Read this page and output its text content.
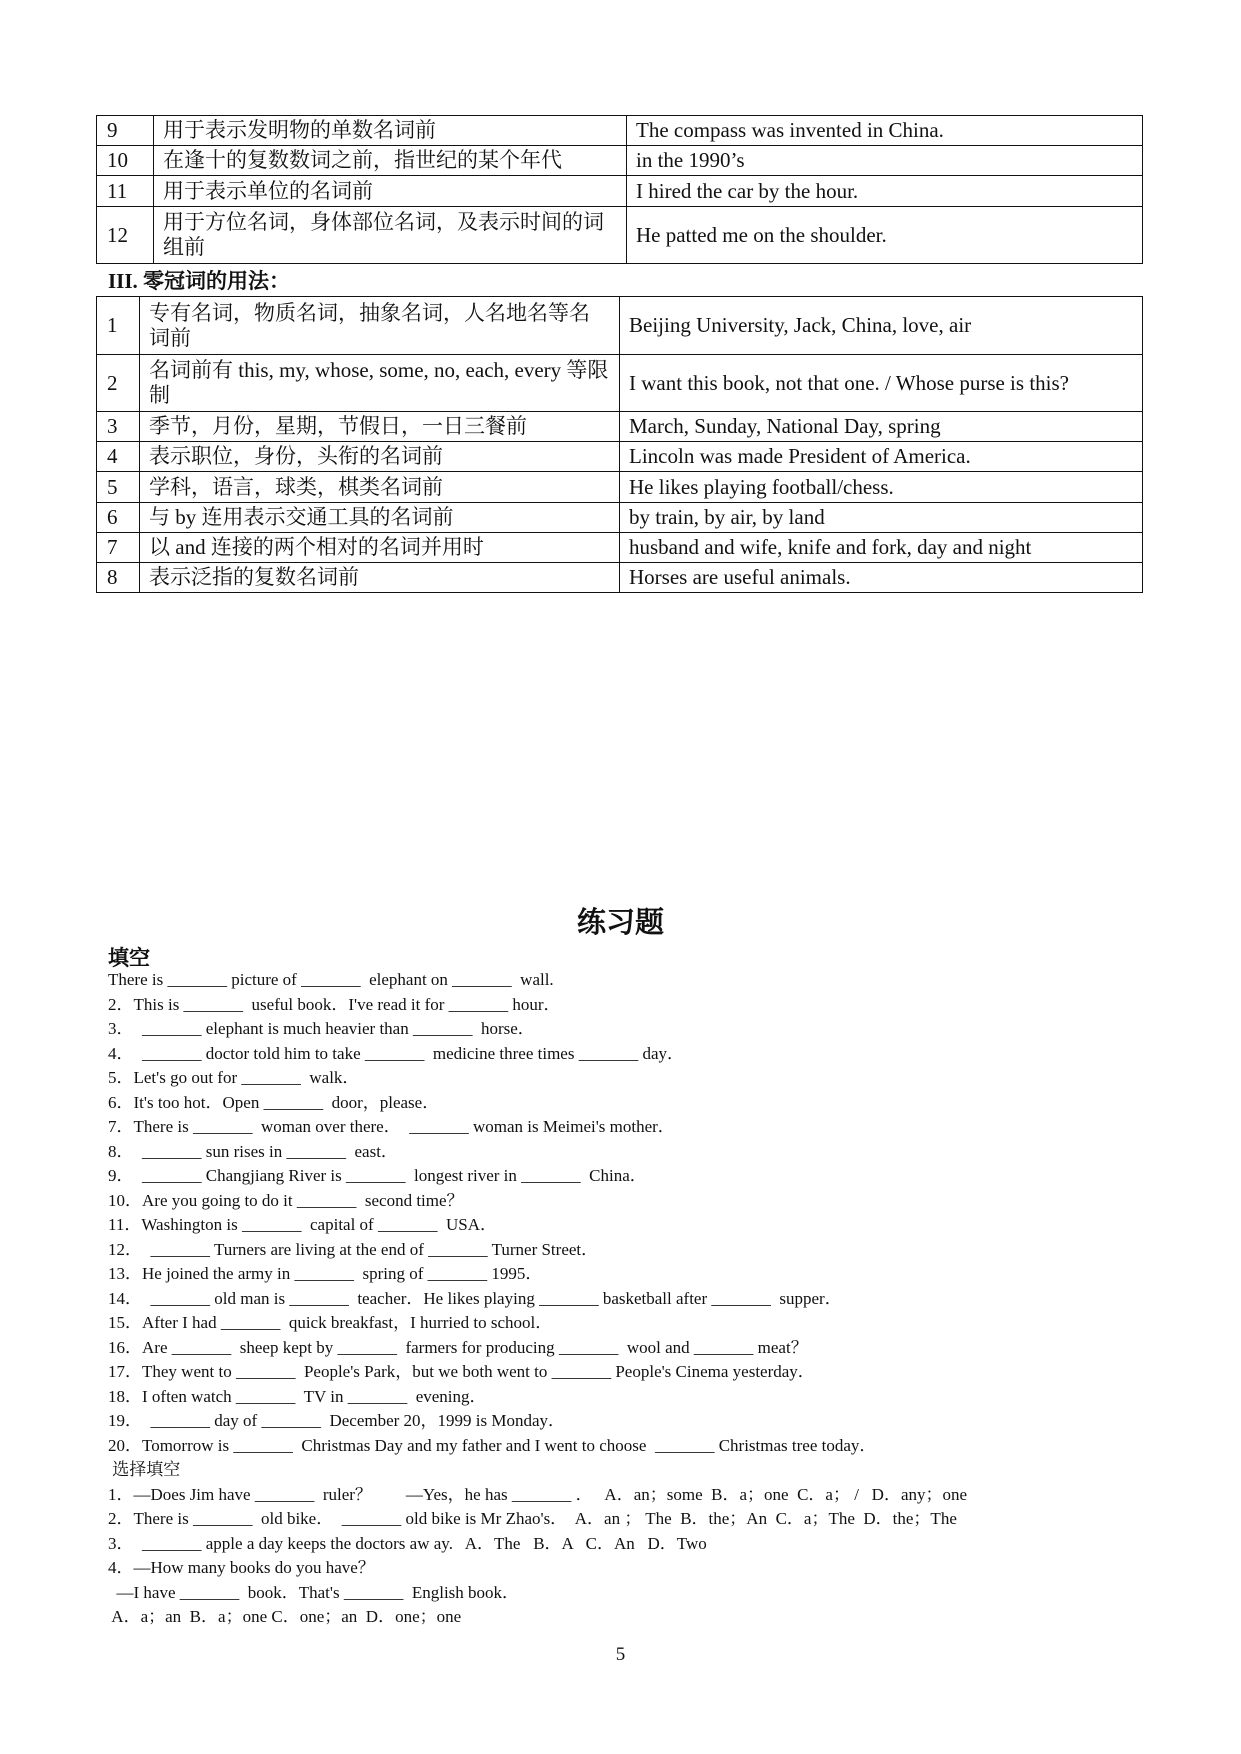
9	用于表示发明物的单数名词前	The compass was invented in China.
10	在逢十的复数数词之前，指世纪的某个年代	in the 1990’s
11	用于表示单位的名词前	I hired the car by the hour.
12	用于方位名词，身体部位名词，及表示时间的词组前	He patted me on the shoulder.
III. 零冠词的用法：
1	专有名词，物质名词，抽象名词，人名地名等名词前	Beijing University, Jack, China, love, air
2	名词前有 this, my, whose, some, no, each, every 等限制	I want this book, not that one. / Whose purse is this?
3	季节，月份，星期，节假日，一日三餐前	March, Sunday, National Day, spring
4	表示职位，身份，头衔的名词前	Lincoln was made President of America.
5	学科，语言，球类，棋类名词前	He likes playing football/chess.
6	与 by 连用表示交通工具的名词前	by train, by air, by land
7	以 and 连接的两个相对的名词并用时	husband and wife, knife and fork, day and night
8	表示泛指的复数名词前	Horses are useful animals.
练习题
填空
There is _______ picture of _______  elephant on _______  wall.
2．This is _______  useful book．I've read it for _______ hour．
3．  _______ elephant is much heavier than _______  horse．
4．  _______ doctor told him to take _______  medicine three times _______ day．
5．Let's go out for _______  walk．
6．It's too hot．Open _______  door，please．
7．There is _______  woman over there．  _______ woman is Meimei's mother．
8．  _______ sun rises in _______  east．
9．  _______ Changjiang River is _______  longest river in _______  China．
10．Are you going to do it _______  second time？
11．Washington is _______  capital of _______  USA．
12．  _______ Turners are living at the end of _______ Turner Street．
13．He joined the army in _______  spring of _______ 1995．
14．  _______ old man is _______  teacher．He likes playing _______ basketball after _______  supper．
15．After I had _______  quick breakfast，I hurried to school．
16．Are _______  sheep kept by _______  farmers for producing _______  wool and _______ meat？
17．They went to _______  People's Park，but we both went to _______ People's Cinema yesterday．
18．I often watch _______  TV in _______  evening．
19．  _______ day of _______  December 20，1999 is Monday．
20．Tomorrow is _______  Christmas Day and my father and I went to choose  _______ Christmas tree today．
选择填空
1．—Does Jim have _______  ruler？        —Yes，he has _______ ．   A．an；some  B．a；one  C．a； /   D．any；one
2．There is _______  old bike．  _______ old bike is Mr Zhao's．  A．an ； The  B．the；An  C．a；The  D．the；The
3．  _______ apple a day keeps the doctors aw ay.   A．The   B．A   C．An   D．Two
4．—How many books do you have？
—I have _______  book．That's _______  English book．
A．a；an  B．a；one C．one；an  D．one；one
5
